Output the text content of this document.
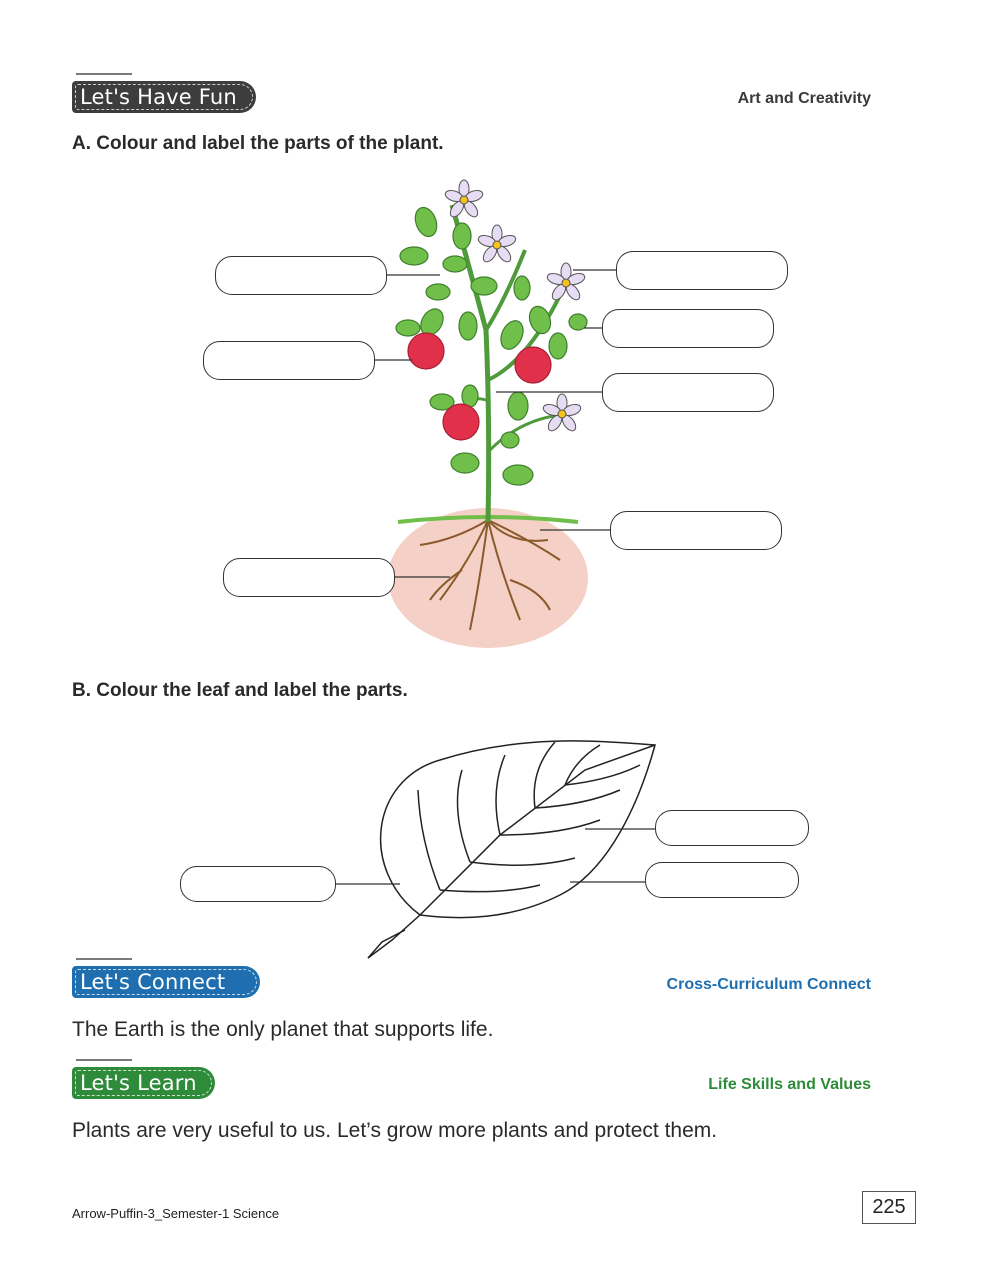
Let's Have Fun	Art and Creativity
A. Colour and label the parts of the plant.
B. Colour the leaf and label the parts.
Let's Connect	Cross-Curriculum Connect
The Earth is the only planet that supports life.
Let's Learn	Life Skills and Values
Plants are very useful to us. Let’s grow more plants and protect them.
Arrow-Puffin-3_Semester-1 Science	225
